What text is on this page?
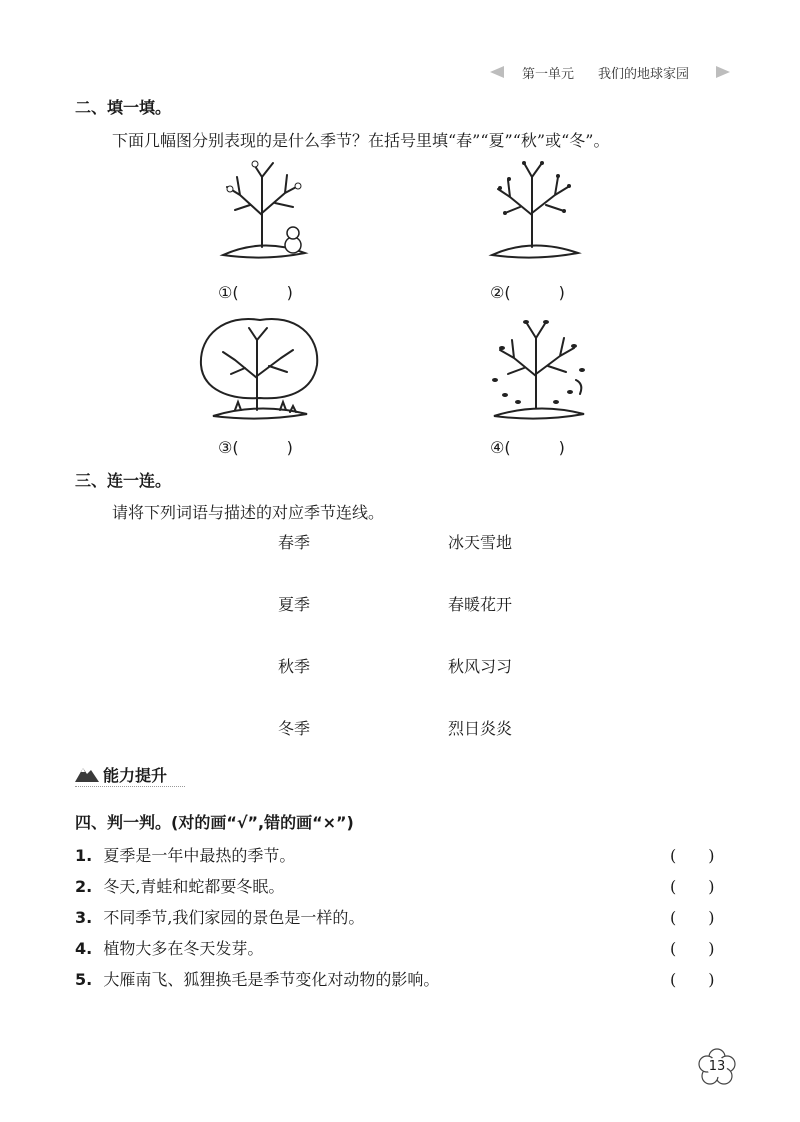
第一单元 我们的地球家园
二、填一填。
下面几幅图分别表现的是什么季节？在括号里填“春”“夏”“秋”或“冬”。
①(　　　)	②(　　　)
③(　　　)	④(　　　)
三、连一连。
请将下列词语与描述的对应季节连线。
春季
夏季
秋季
冬季
冰天雪地
春暖花开
秋风习习
烈日炎炎
能力提升
四、判一判。(对的画“√”,错的画“×”)
1. 夏季是一年中最热的季节。	(　　)
2. 冬天,青蛙和蛇都要冬眠。	(　　)
3. 不同季节,我们家园的景色是一样的。	(　　)
4. 植物大多在冬天发芽。	(　　)
5. 大雁南飞、狐狸换毛是季节变化对动物的影响。	(　　)
13
